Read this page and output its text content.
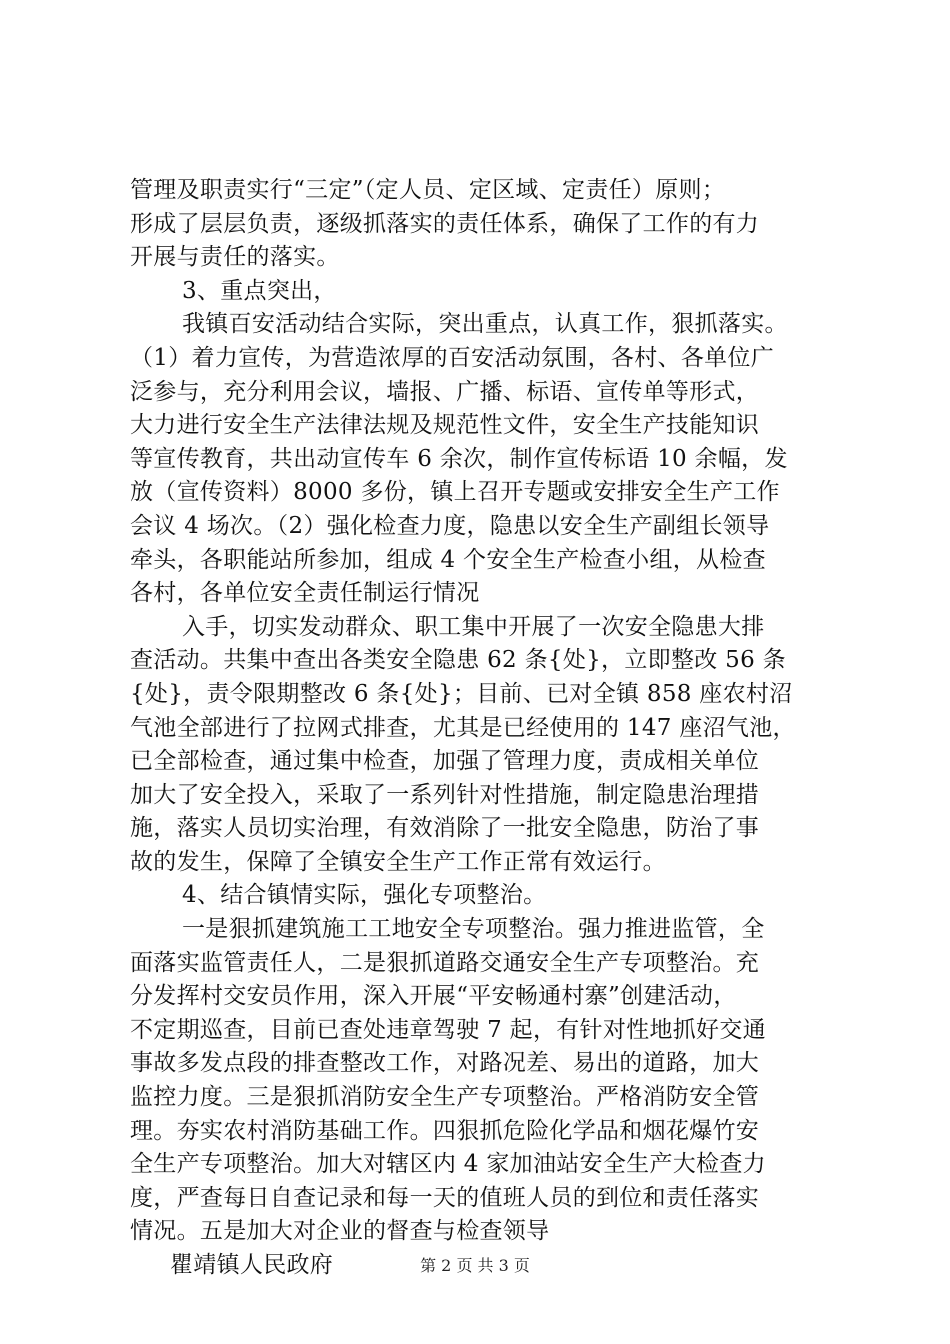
管理及职责实行“三定”（定人员、定区域、定责任）原则；
形成了层层负责，逐级抓落实的责任体系，确保了工作的有力
开展与责任的落实。
3、重点突出，
我镇百安活动结合实际，突出重点，认真工作，狠抓落实。
（1）着力宣传，为营造浓厚的百安活动氛围，各村、各单位广
泛参与，充分利用会议，墙报、广播、标语、宣传单等形式，
大力进行安全生产法律法规及规范性文件，安全生产技能知识
等宣传教育，共出动宣传车 6 余次，制作宣传标语 10 余幅，发
放（宣传资料）8000 多份，镇上召开专题或安排安全生产工作
会议 4 场次。（2）强化检查力度，隐患以安全生产副组长领导
牵头，各职能站所参加，组成 4 个安全生产检查小组，从检查
各村，各单位安全责任制运行情况
入手，切实发动群众、职工集中开展了一次安全隐患大排
查活动。共集中查出各类安全隐患 62 条{处}，立即整改 56 条
{处}，责令限期整改 6 条{处}；目前、已对全镇 858 座农村沼
气池全部进行了拉网式排查，尤其是已经使用的 147 座沼气池，
已全部检查，通过集中检查，加强了管理力度，责成相关单位
加大了安全投入，采取了一系列针对性措施，制定隐患治理措
施，落实人员切实治理，有效消除了一批安全隐患，防治了事
故的发生，保障了全镇安全生产工作正常有效运行。
4、结合镇情实际，强化专项整治。
一是狠抓建筑施工工地安全专项整治。强力推进监管，全
面落实监管责任人，二是狠抓道路交通安全生产专项整治。充
分发挥村交安员作用，深入开展“平安畅通村寨”创建活动，
不定期巡查，目前已查处违章驾驶 7 起，有针对性地抓好交通
事故多发点段的排查整改工作，对路况差、易出的道路，加大
监控力度。三是狠抓消防安全生产专项整治。严格消防安全管
理。夯实农村消防基础工作。四狠抓危险化学品和烟花爆竹安
全生产专项整治。加大对辖区内 4 家加油站安全生产大检查力
度，严查每日自查记录和每一天的值班人员的到位和责任落实
情况。五是加大对企业的督查与检查领导
瞿靖镇人民政府	第 2 页 共 3 页
